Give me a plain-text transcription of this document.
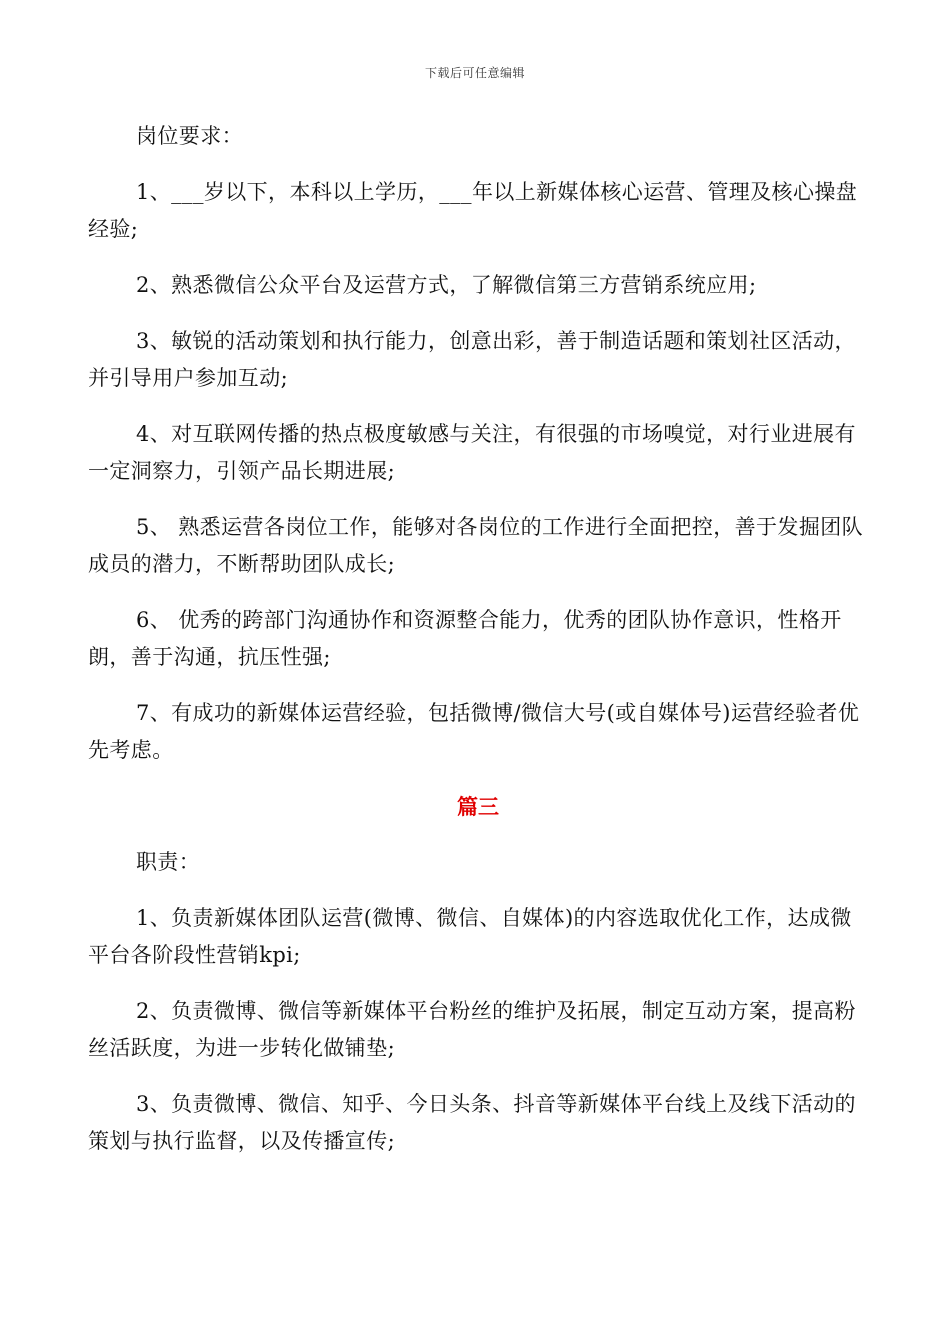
下载后可任意编辑

岗位要求：

1、___岁以下，本科以上学历，___年以上新媒体核心运营、管理及核心操盘经验;

2、熟悉微信公众平台及运营方式，了解微信第三方营销系统应用;

3、敏锐的活动策划和执行能力，创意出彩，善于制造话题和策划社区活动，并引导用户参加互动;

4、对互联网传播的热点极度敏感与关注，有很强的市场嗅觉，对行业进展有一定洞察力，引领产品长期进展;

5、 熟悉运营各岗位工作，能够对各岗位的工作进行全面把控，善于发掘团队成员的潜力，不断帮助团队成长;

6、 优秀的跨部门沟通协作和资源整合能力，优秀的团队协作意识，性格开朗，善于沟通，抗压性强;

7、有成功的新媒体运营经验，包括微博/微信大号(或自媒体号)运营经验者优先考虑。

篇三

职责：

1、负责新媒体团队运营(微博、微信、自媒体)的内容选取优化工作，达成微平台各阶段性营销kpi;

2、负责微博、微信等新媒体平台粉丝的维护及拓展，制定互动方案，提高粉丝活跃度，为进一步转化做铺垫;

3、负责微博、微信、知乎、今日头条、抖音等新媒体平台线上及线下活动的策划与执行监督，以及传播宣传;
